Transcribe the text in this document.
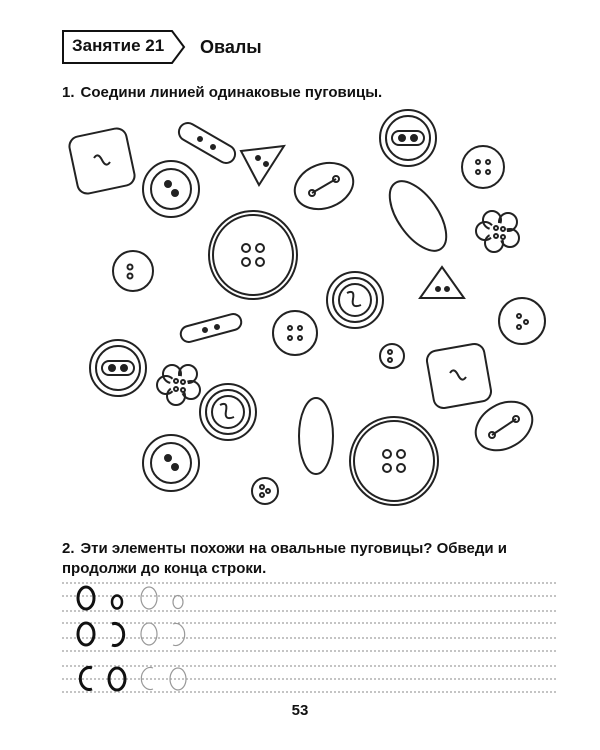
Занятие 21 Овалы
1. Соедини линией одинаковые пуговицы.
2. Эти элементы похожи на овальные пуговицы? Обведи и продолжи до конца строки.
53
